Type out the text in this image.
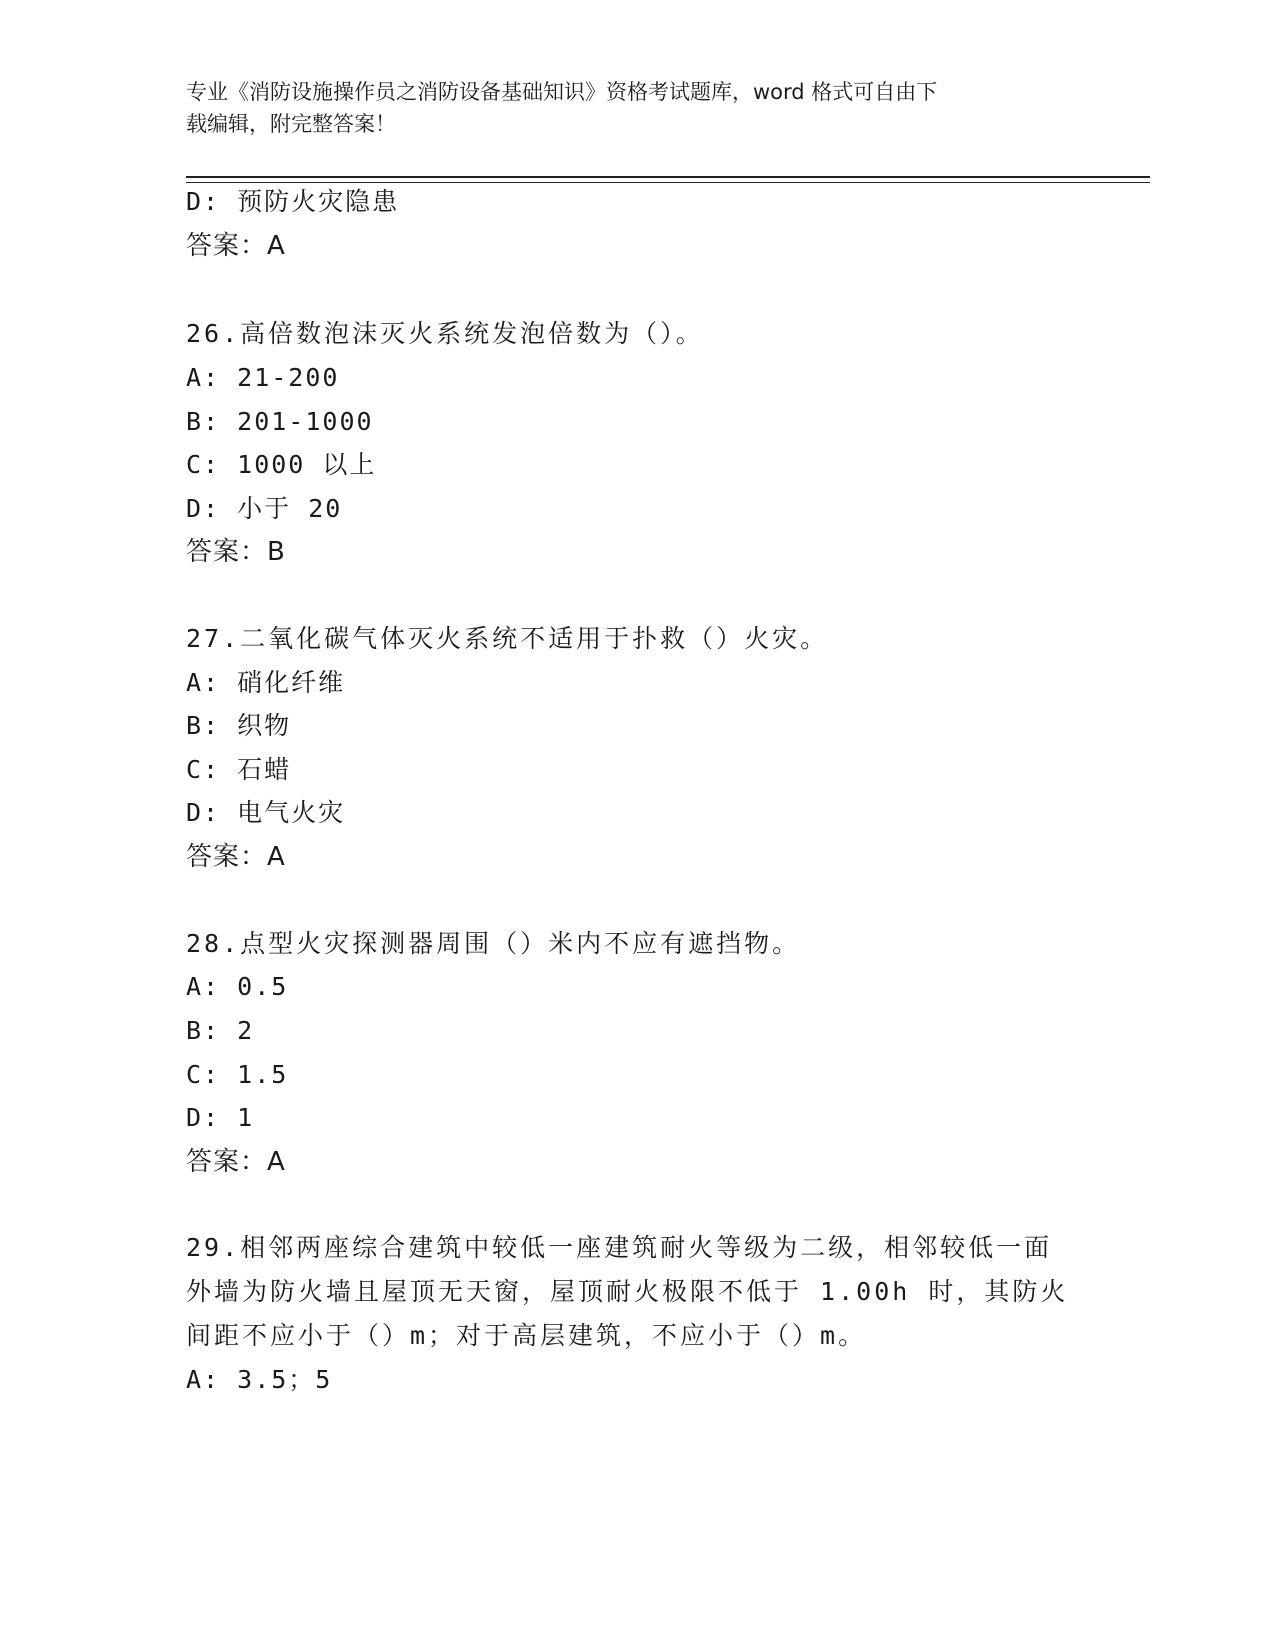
专业《消防设施操作员之消防设备基础知识》资格考试题库，word 格式可自由下
载编辑，附完整答案！
D: 预防火灾隐患
答案：A
26.高倍数泡沫灭火系统发泡倍数为（）。
A: 21-200
B: 201-1000
C: 1000 以上
D: 小于 20
答案：B
27.二氧化碳气体灭火系统不适用于扑救（）火灾。
A: 硝化纤维
B: 织物
C: 石蜡
D: 电气火灾
答案：A
28.点型火灾探测器周围（）米内不应有遮挡物。
A: 0.5
B: 2
C: 1.5
D: 1
答案：A
29.相邻两座综合建筑中较低一座建筑耐火等级为二级，相邻较低一面
外墙为防火墙且屋顶无天窗，屋顶耐火极限不低于 1.00h 时，其防火
间距不应小于（）m；对于高层建筑，不应小于（）m。
A: 3.5；5
